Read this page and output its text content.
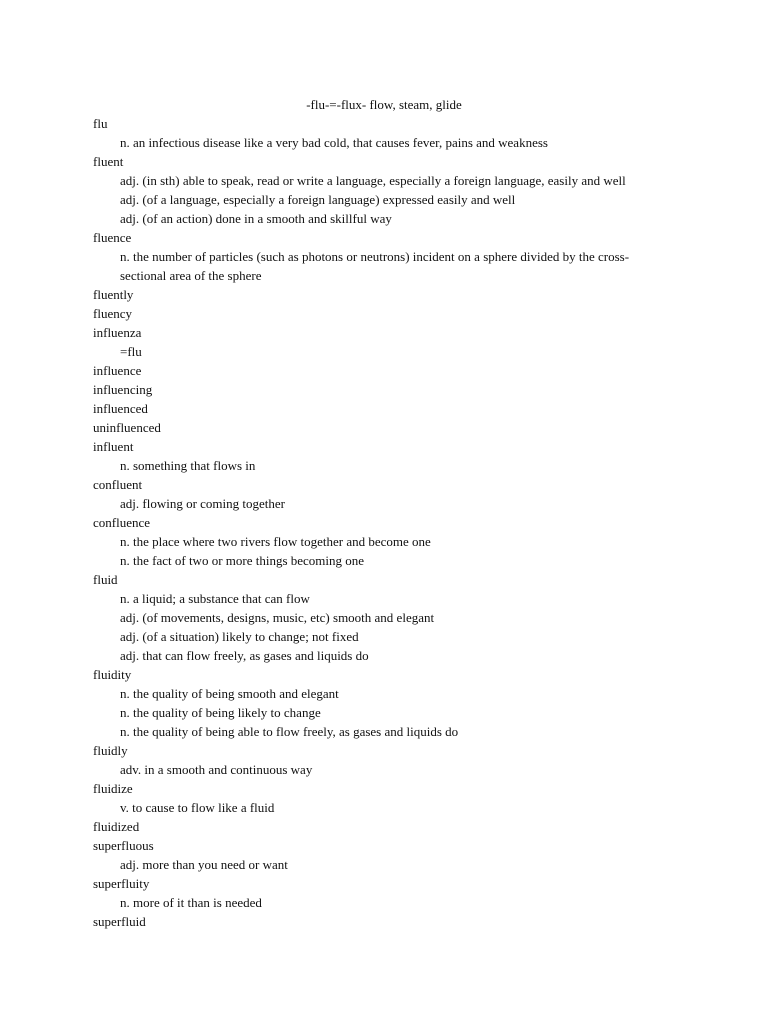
-flu-=-flux- flow, steam, glide
flu
n. an infectious disease like a very bad cold, that causes fever, pains and weakness
fluent
adj. (in sth) able to speak, read or write a language, especially a foreign language, easily and well
adj. (of a language, especially a foreign language) expressed easily and well
adj. (of an action) done in a smooth and skillful way
fluence
n. the number of particles (such as photons or neutrons) incident on a sphere divided by the cross-sectional area of the sphere
fluently
fluency
influenza
=flu
influence
influencing
influenced
uninfluenced
influent
n. something that flows in
confluent
adj. flowing or coming together
confluence
n. the place where two rivers flow together and become one
n. the fact of two or more things becoming one
fluid
n. a liquid; a substance that can flow
adj. (of movements, designs, music, etc) smooth and elegant
adj. (of a situation) likely to change; not fixed
adj. that can flow freely, as gases and liquids do
fluidity
n. the quality of being smooth and elegant
n. the quality of being likely to change
n. the quality of being able to flow freely, as gases and liquids do
fluidly
adv. in a smooth and continuous way
fluidize
v. to cause to flow like a fluid
fluidized
superfluous
adj. more than you need or want
superfluity
n. more of it than is needed
superfluid
